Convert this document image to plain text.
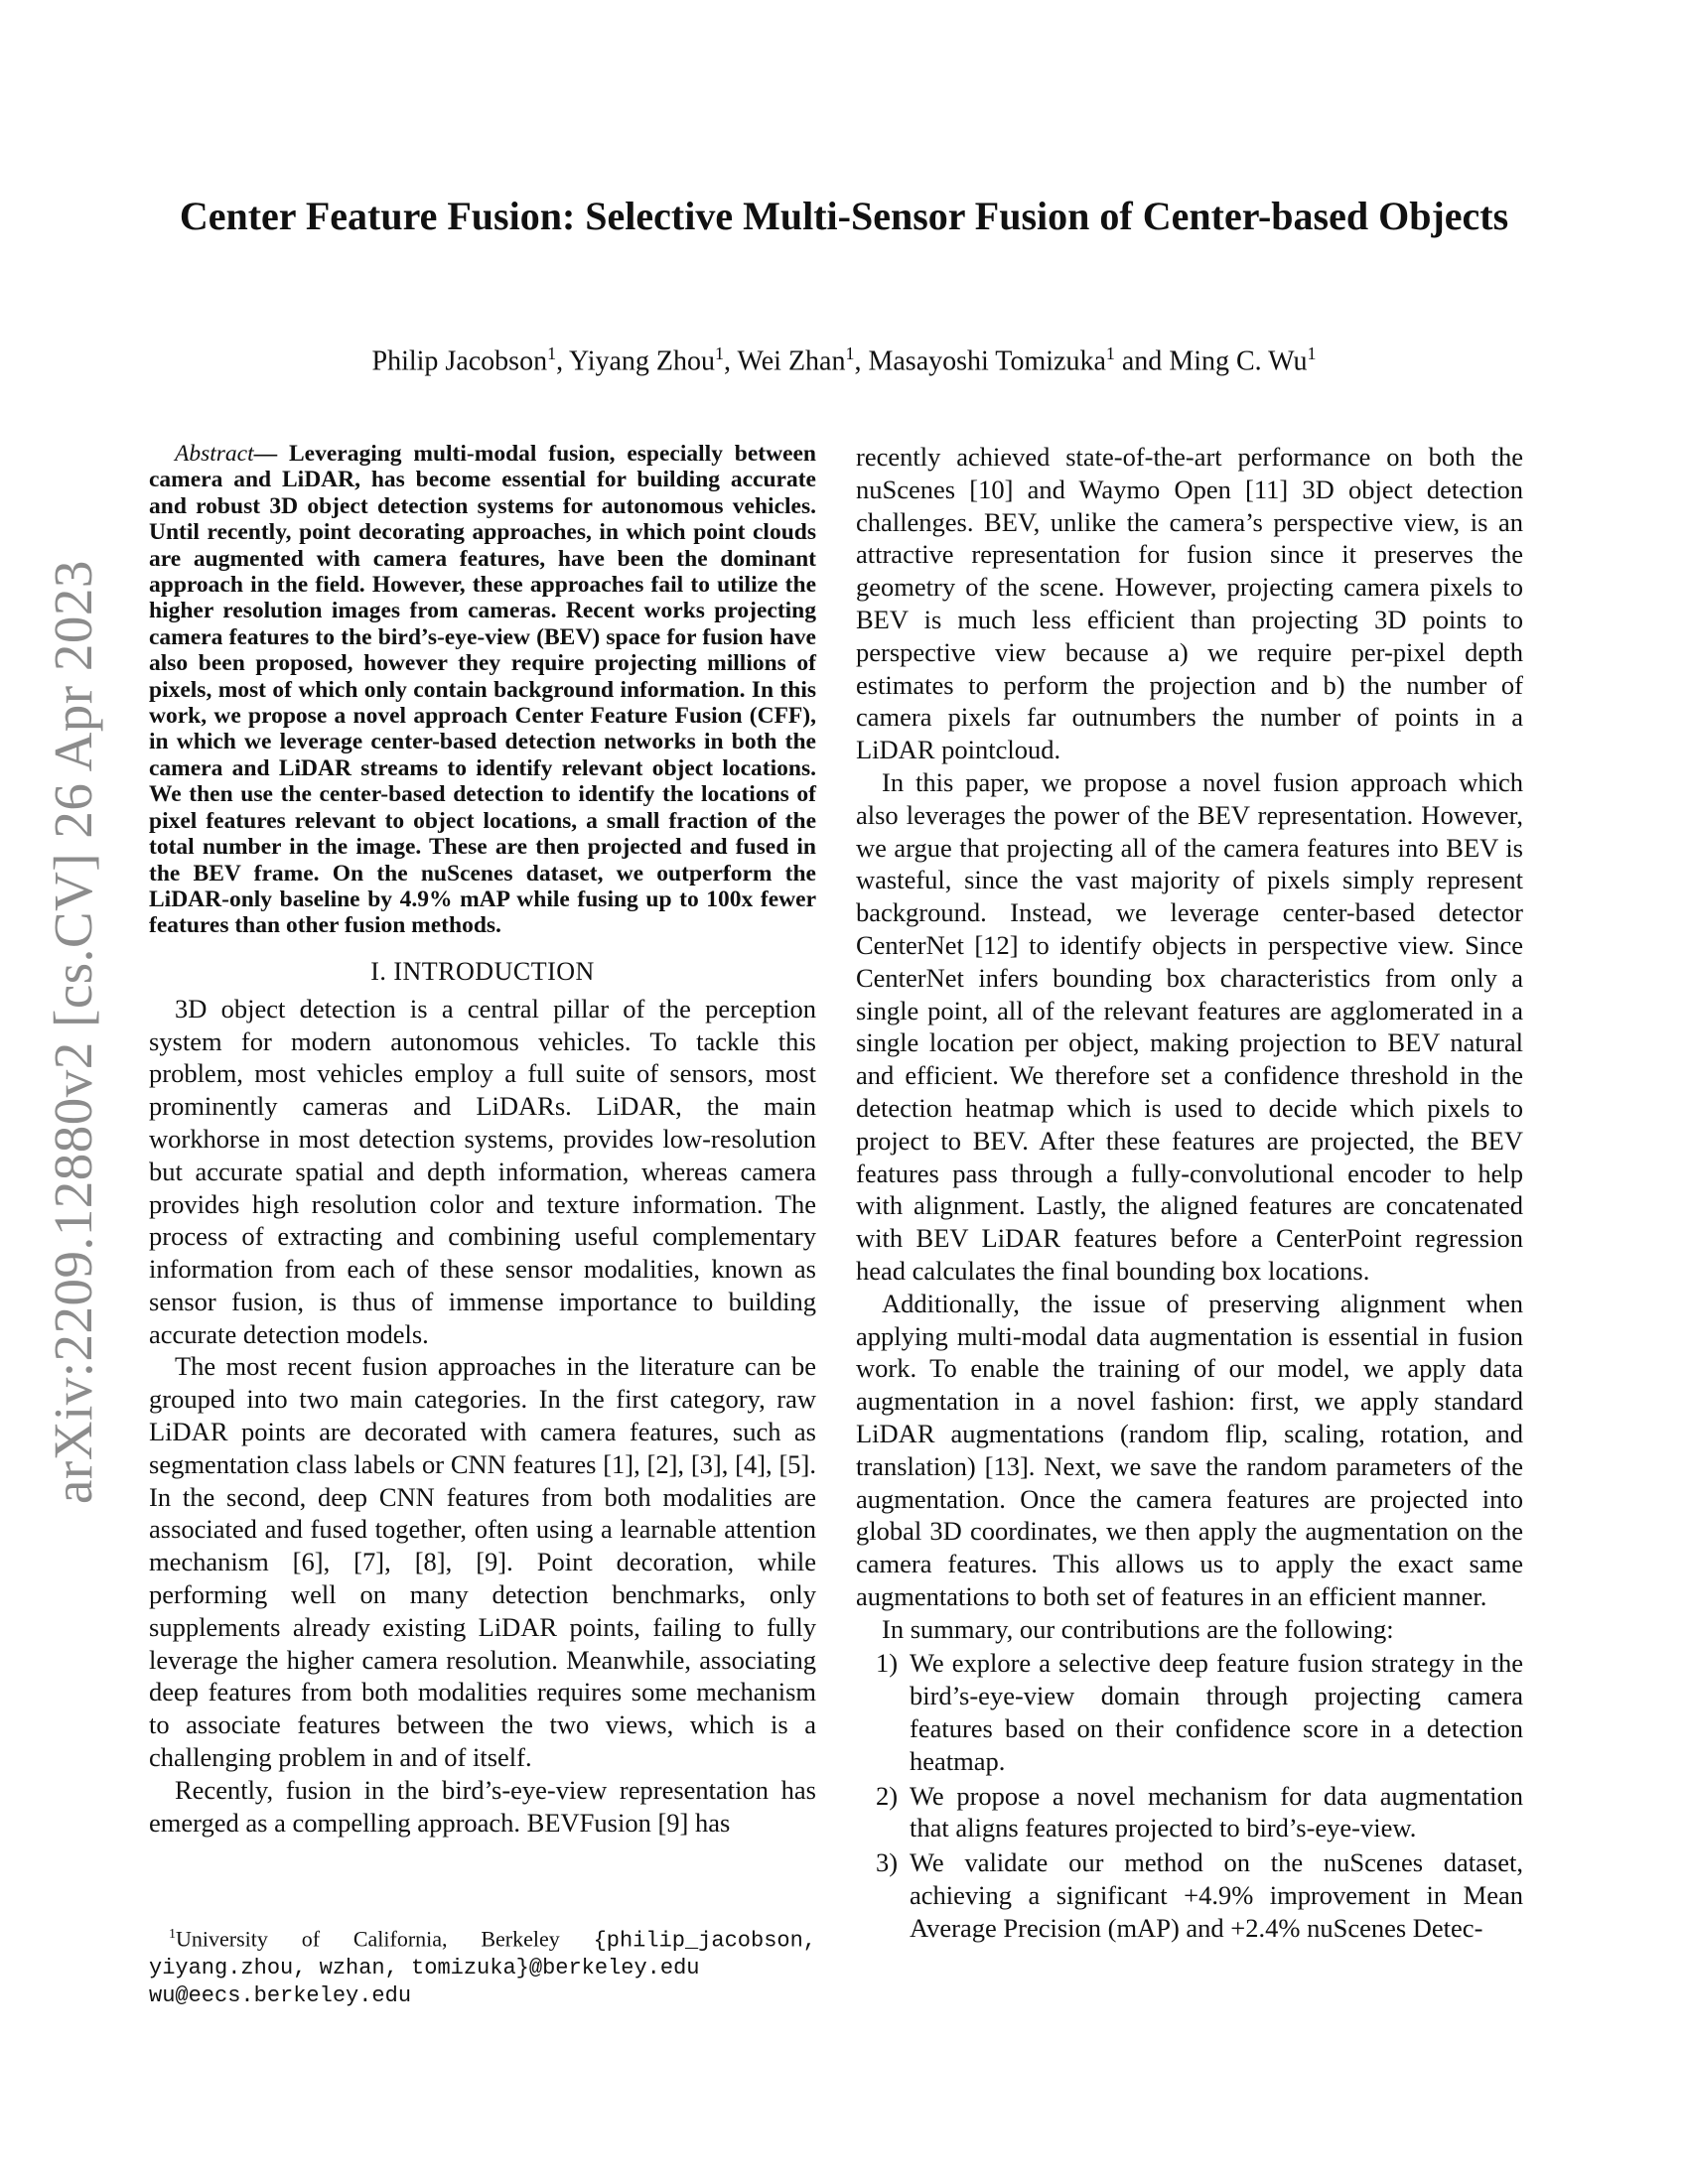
arXiv:2209.12880v2 [cs.CV] 26 Apr 2023
Center Feature Fusion: Selective Multi-Sensor Fusion of Center-based Objects
Philip Jacobson$^1$, Yiyang Zhou$^1$, Wei Zhan$^1$, Masayoshi Tomizuka$^1$ and Ming C. Wu$^1$

Abstract— Leveraging multi-modal fusion, especially between camera and LiDAR, has become essential for building accurate and robust 3D object detection systems for autonomous vehicles. Until recently, point decorating approaches, in which point clouds are augmented with camera features, have been the dominant approach in the field. However, these approaches fail to utilize the higher resolution images from cameras. Recent works projecting camera features to the bird’s-eye-view (BEV) space for fusion have also been proposed, however they require projecting millions of pixels, most of which only contain background information. In this work, we propose a novel approach Center Feature Fusion (CFF), in which we leverage center-based detection networks in both the camera and LiDAR streams to identify relevant object locations. We then use the center-based detection to identify the locations of pixel features relevant to object locations, a small fraction of the total number in the image. These are then projected and fused in the BEV frame. On the nuScenes dataset, we outperform the LiDAR-only baseline by 4.9% mAP while fusing up to 100x fewer features than other fusion methods.

I. INTRODUCTION

3D object detection is a central pillar of the perception system for modern autonomous vehicles. To tackle this problem, most vehicles employ a full suite of sensors, most prominently cameras and LiDARs. LiDAR, the main workhorse in most detection systems, provides low-resolution but accurate spatial and depth information, whereas camera provides high resolution color and texture information. The process of extracting and combining useful complementary information from each of these sensor modalities, known as sensor fusion, is thus of immense importance to building accurate detection models.

The most recent fusion approaches in the literature can be grouped into two main categories. In the first category, raw LiDAR points are decorated with camera features, such as segmentation class labels or CNN features [1], [2], [3], [4], [5]. In the second, deep CNN features from both modalities are associated and fused together, often using a learnable attention mechanism [6], [7], [8], [9]. Point decoration, while performing well on many detection benchmarks, only supplements already existing LiDAR points, failing to fully leverage the higher camera resolution. Meanwhile, associating deep features from both modalities requires some mechanism to associate features between the two views, which is a challenging problem in and of itself.

Recently, fusion in the bird’s-eye-view representation has emerged as a compelling approach. BEVFusion [9] has

$^1$University of California, Berkeley {philip_jacobson,
yiyang.zhou, wzhan, tomizuka}@berkeley.edu
wu@eecs.berkeley.edu

recently achieved state-of-the-art performance on both the nuScenes [10] and Waymo Open [11] 3D object detection challenges. BEV, unlike the camera’s perspective view, is an attractive representation for fusion since it preserves the geometry of the scene. However, projecting camera pixels to BEV is much less efficient than projecting 3D points to perspective view because a) we require per-pixel depth estimates to perform the projection and b) the number of camera pixels far outnumbers the number of points in a LiDAR pointcloud.

In this paper, we propose a novel fusion approach which also leverages the power of the BEV representation. However, we argue that projecting all of the camera features into BEV is wasteful, since the vast majority of pixels simply represent background. Instead, we leverage center-based detector CenterNet [12] to identify objects in perspective view. Since CenterNet infers bounding box characteristics from only a single point, all of the relevant features are agglomerated in a single location per object, making projection to BEV natural and efficient. We therefore set a confidence threshold in the detection heatmap which is used to decide which pixels to project to BEV. After these features are projected, the BEV features pass through a fully-convolutional encoder to help with alignment. Lastly, the aligned features are concatenated with BEV LiDAR features before a CenterPoint regression head calculates the final bounding box locations.

Additionally, the issue of preserving alignment when applying multi-modal data augmentation is essential in fusion work. To enable the training of our model, we apply data augmentation in a novel fashion: first, we apply standard LiDAR augmentations (random flip, scaling, rotation, and translation) [13]. Next, we save the random parameters of the augmentation. Once the camera features are projected into global 3D coordinates, we then apply the augmentation on the camera features. This allows us to apply the exact same augmentations to both set of features in an efficient manner.

In summary, our contributions are the following:

1) We explore a selective deep feature fusion strategy in the bird’s-eye-view domain through projecting camera features based on their confidence score in a detection heatmap.
2) We propose a novel mechanism for data augmentation that aligns features projected to bird’s-eye-view.
3) We validate our method on the nuScenes dataset, achieving a significant +4.9% improvement in Mean Average Precision (mAP) and +2.4% nuScenes Detec-
